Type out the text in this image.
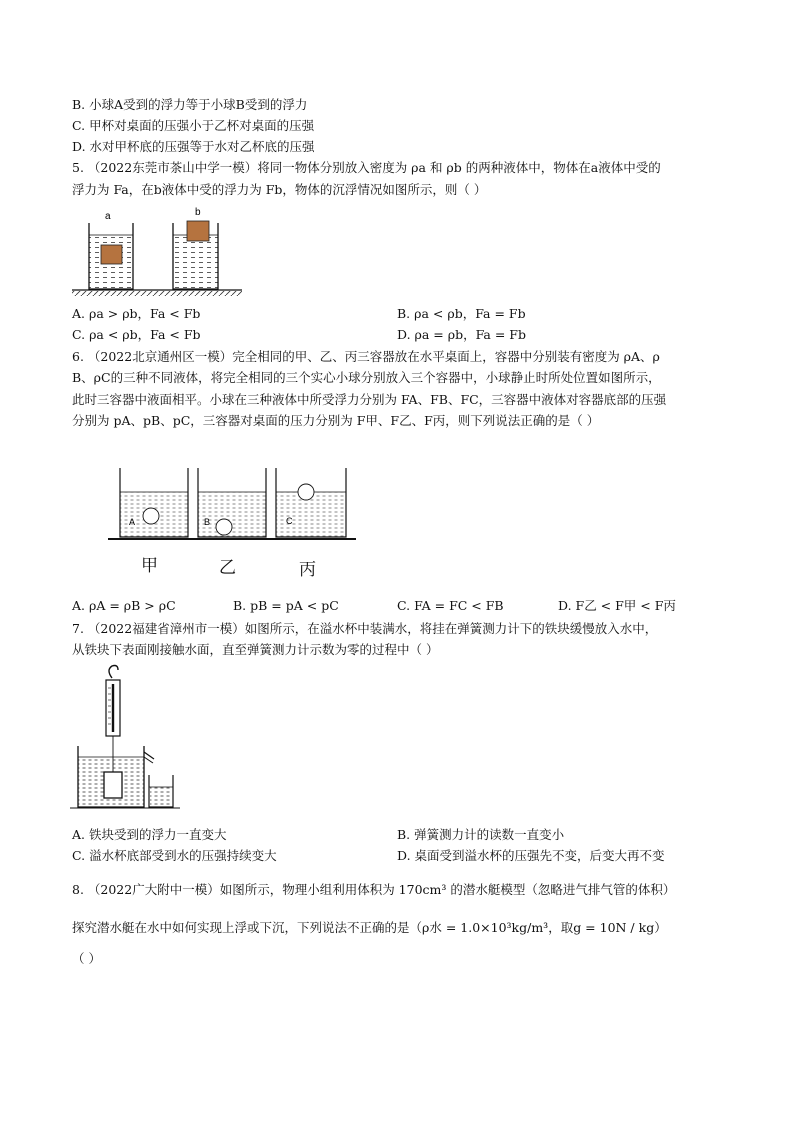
B. 小球A受到的浮力等于小球B受到的浮力
C. 甲杯对桌面的压强小于乙杯对桌面的压强
D. 水对甲杯底的压强等于水对乙杯底的压强
5. （2022东莞市茶山中学一模）将同一物体分别放入密度为 ρa 和 ρb 的两种液体中，物体在a液体中受的
浮力为 Fa，在b液体中受的浮力为 Fb，物体的沉浮情况如图所示，则（ ）
a	b
A. ρa > ρb，Fa < Fb	B. ρa < ρb，Fa = Fb
C. ρa < ρb，Fa < Fb	D. ρa = ρb，Fa = Fb
6. （2022北京通州区一模）完全相同的甲、乙、丙三容器放在水平桌面上，容器中分别装有密度为 ρA、ρ
B、ρC的三种不同液体，将完全相同的三个实心小球分别放入三个容器中，小球静止时所处位置如图所示，
此时三容器中液面相平。小球在三种液体中所受浮力分别为 FA、FB、FC，三容器中液体对容器底部的压强
分别为 pA、pB、pC，三容器对桌面的压力分别为 F甲、F乙、F丙，则下列说法正确的是（ ）
A	B	C
甲	乙	丙
A. ρA = ρB > ρC	B. pB = pA < pC	C. FA = FC < FB	D. F乙 < F甲 < F丙
7. （2022福建省漳州市一模）如图所示，在溢水杯中装满水，将挂在弹簧测力计下的铁块缓慢放入水中，
从铁块下表面刚接触水面，直至弹簧测力计示数为零的过程中（ ）
A. 铁块受到的浮力一直变大	B. 弹簧测力计的读数一直变小
C. 溢水杯底部受到水的压强持续变大	D. 桌面受到溢水杯的压强先不变，后变大再不变
8. （2022广大附中一模）如图所示，物理小组利用体积为 170cm³ 的潜水艇模型（忽略进气排气管的体积）
探究潜水艇在水中如何实现上浮或下沉，下列说法不正确的是（ρ水 = 1.0×10³kg/m³，取g = 10N / kg）
（ ）
